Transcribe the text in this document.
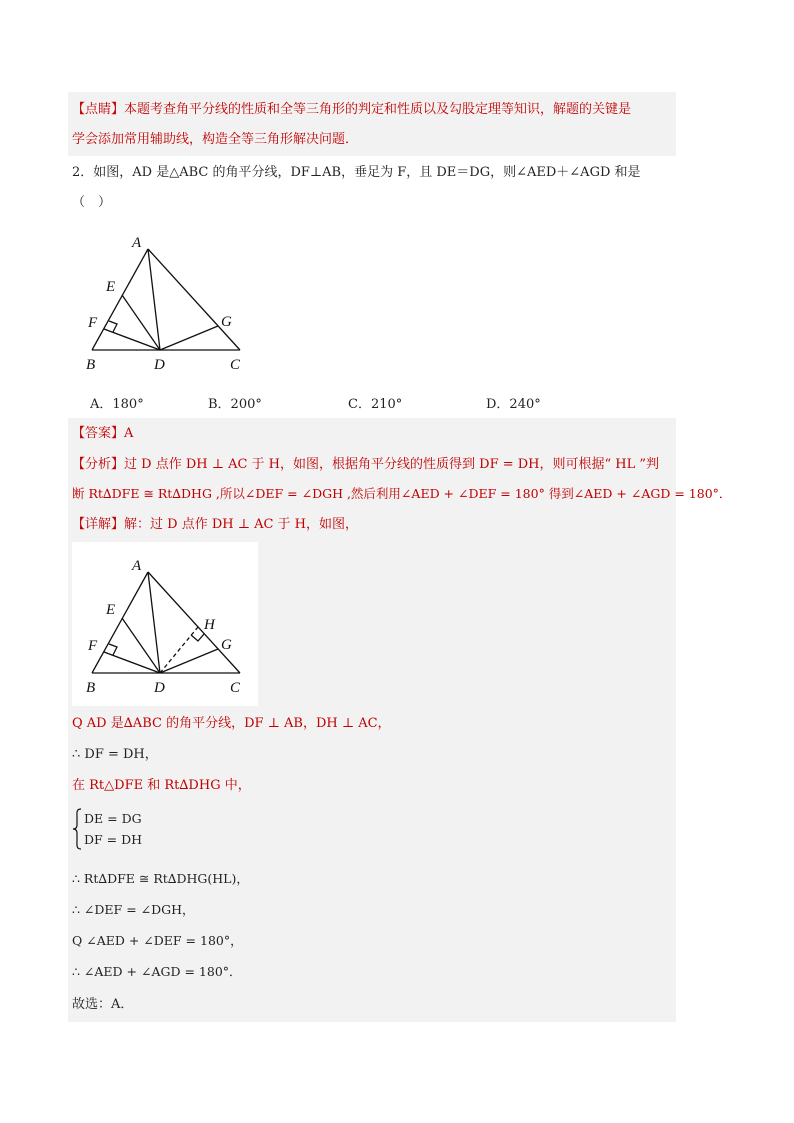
【点睛】本题考查角平分线的性质和全等三角形的判定和性质以及勾股定理等知识，解题的关键是
学会添加常用辅助线，构造全等三角形解决问题．
2．如图，AD 是△ABC 的角平分线，DF⊥AB，垂足为 F，且 DE＝DG，则∠AED＋∠AGD 和是
（　）
A
E
F	G
B	D	C
A．180°	B．200°	C．210°	D．240°
【答案】A
【分析】过 D 点作 DH ⊥ AC 于 H，如图，根据角平分线的性质得到 DF = DH，则可根据“ HL ”判
断 Rt∆DFE ≅ Rt∆DHG ,所以∠DEF = ∠DGH ,然后利用∠AED + ∠DEF = 180° 得到∠AED + ∠AGD = 180°．
【详解】解：过 D 点作 DH ⊥ AC 于 H，如图，
A
E
H
F	G
B	D	C
Q AD 是∆ABC 的角平分线，DF ⊥ AB，DH ⊥ AC，
∴ DF = DH，
在 Rt△DFE 和 Rt∆DHG 中，
DE = DG
DF = DH
∴ Rt∆DFE ≅ Rt∆DHG(HL)，
∴ ∠DEF = ∠DGH，
Q ∠AED + ∠DEF = 180°，
∴ ∠AED + ∠AGD = 180°．
故选：A．
